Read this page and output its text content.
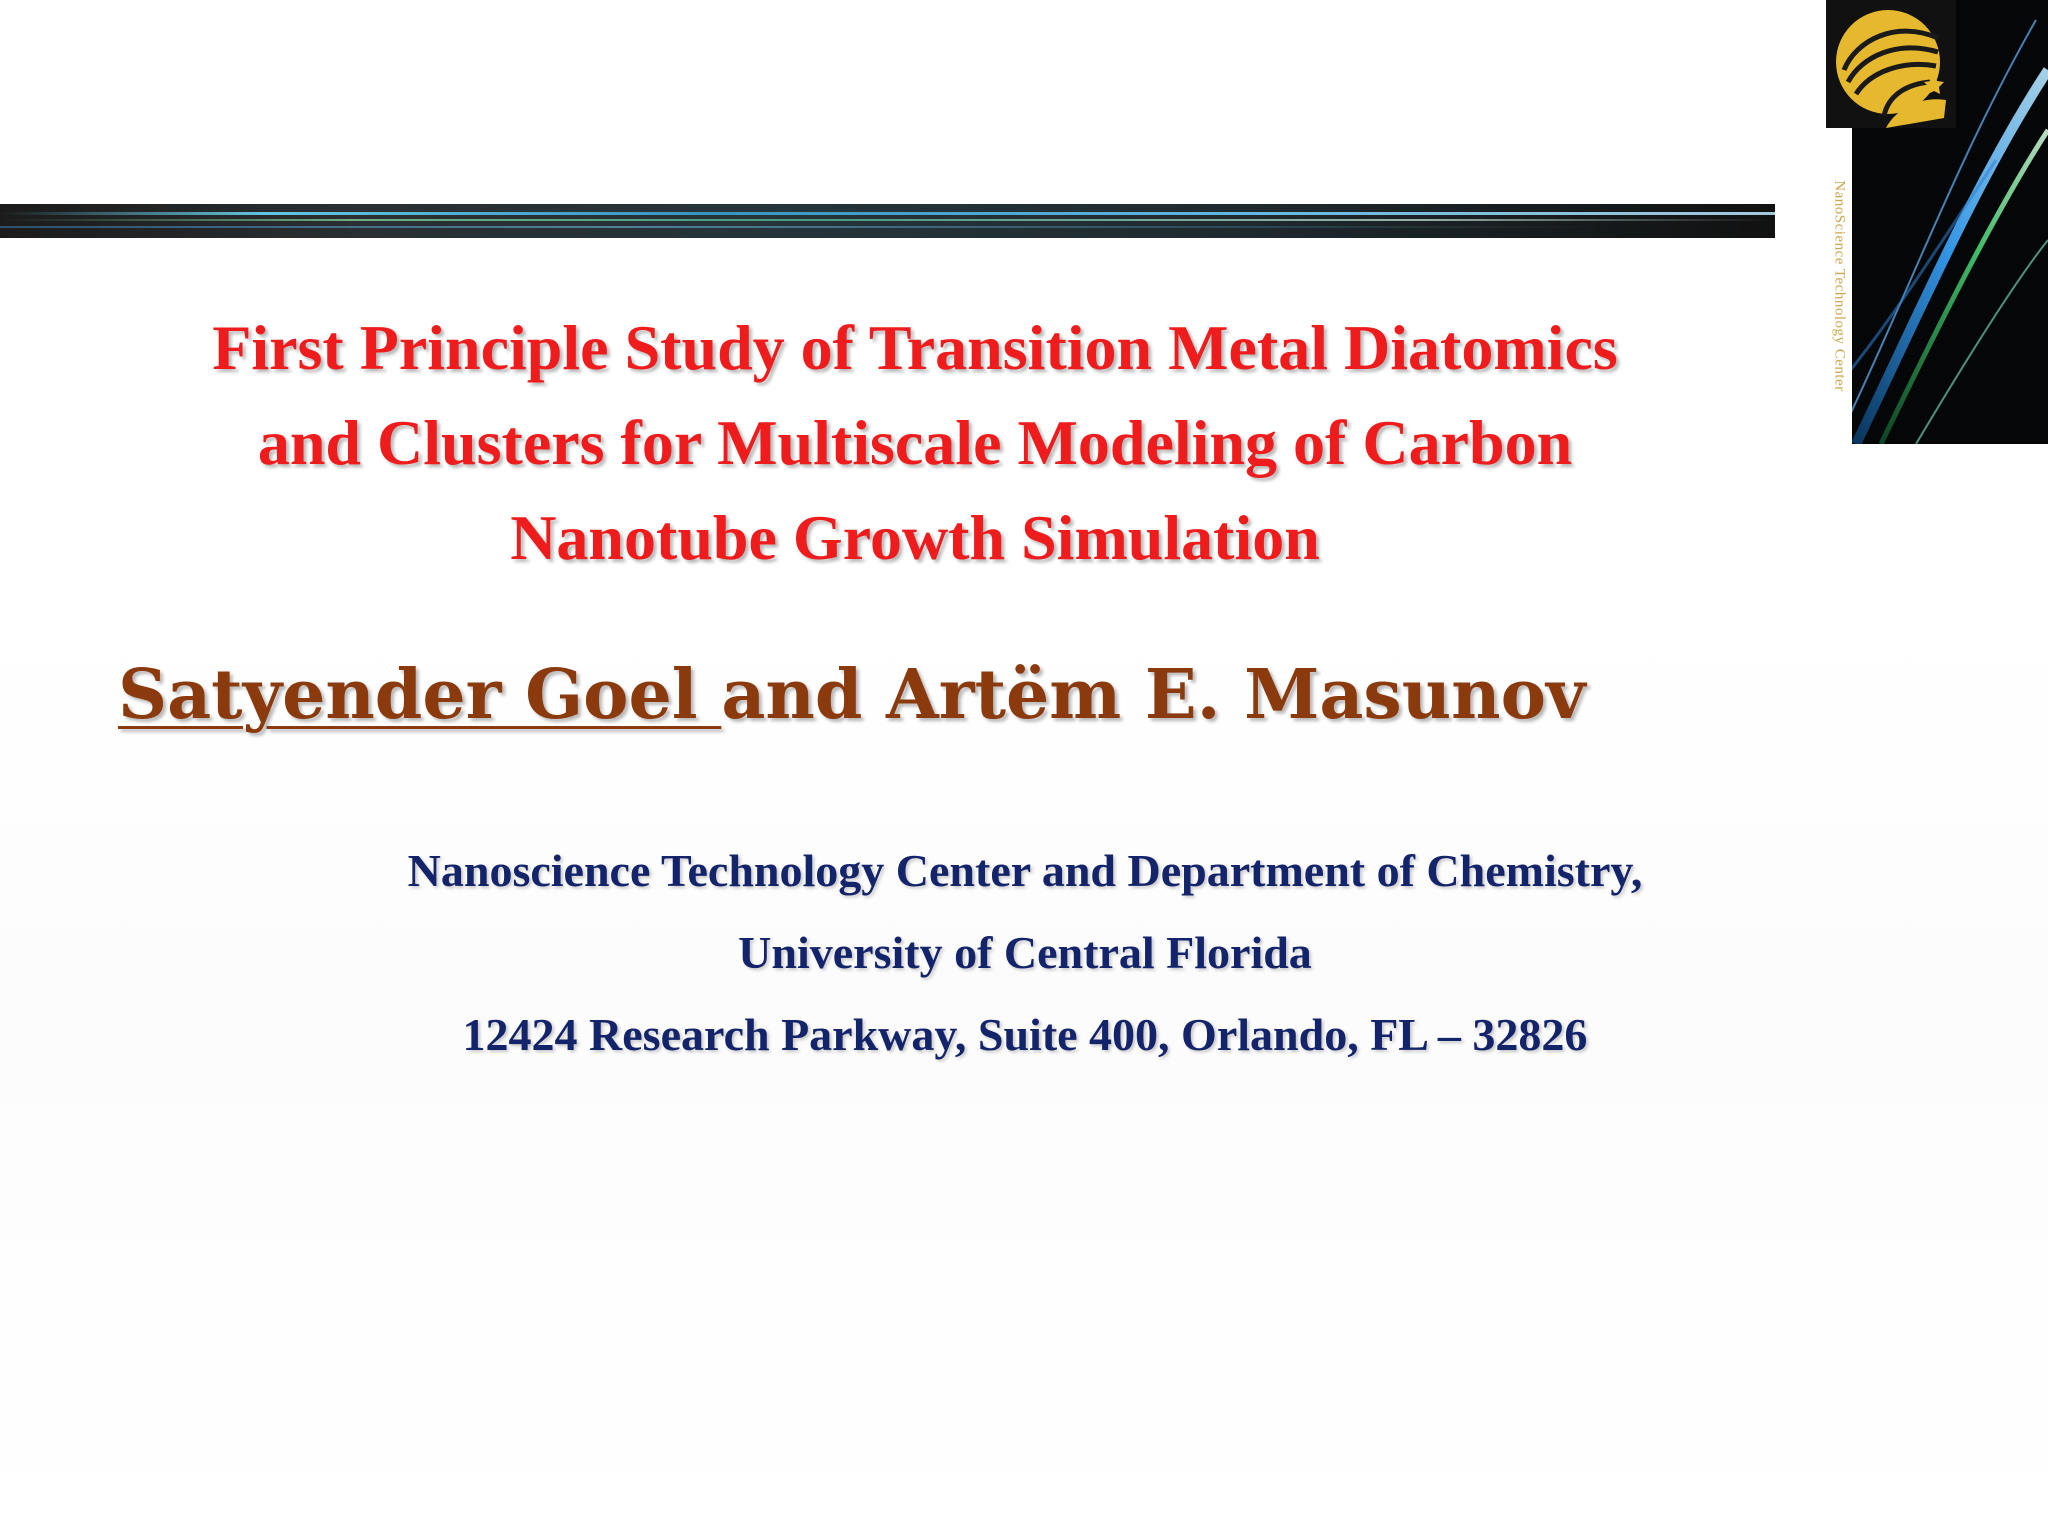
NanoScience Technology Center
First Principle Study of Transition Metal Diatomics
and Clusters for Multiscale Modeling of Carbon
Nanotube Growth Simulation
Satyender Goel and Artëm E. Masunov
Nanoscience Technology Center and Department of Chemistry,
University of Central Florida
12424 Research Parkway, Suite 400, Orlando, FL – 32826
